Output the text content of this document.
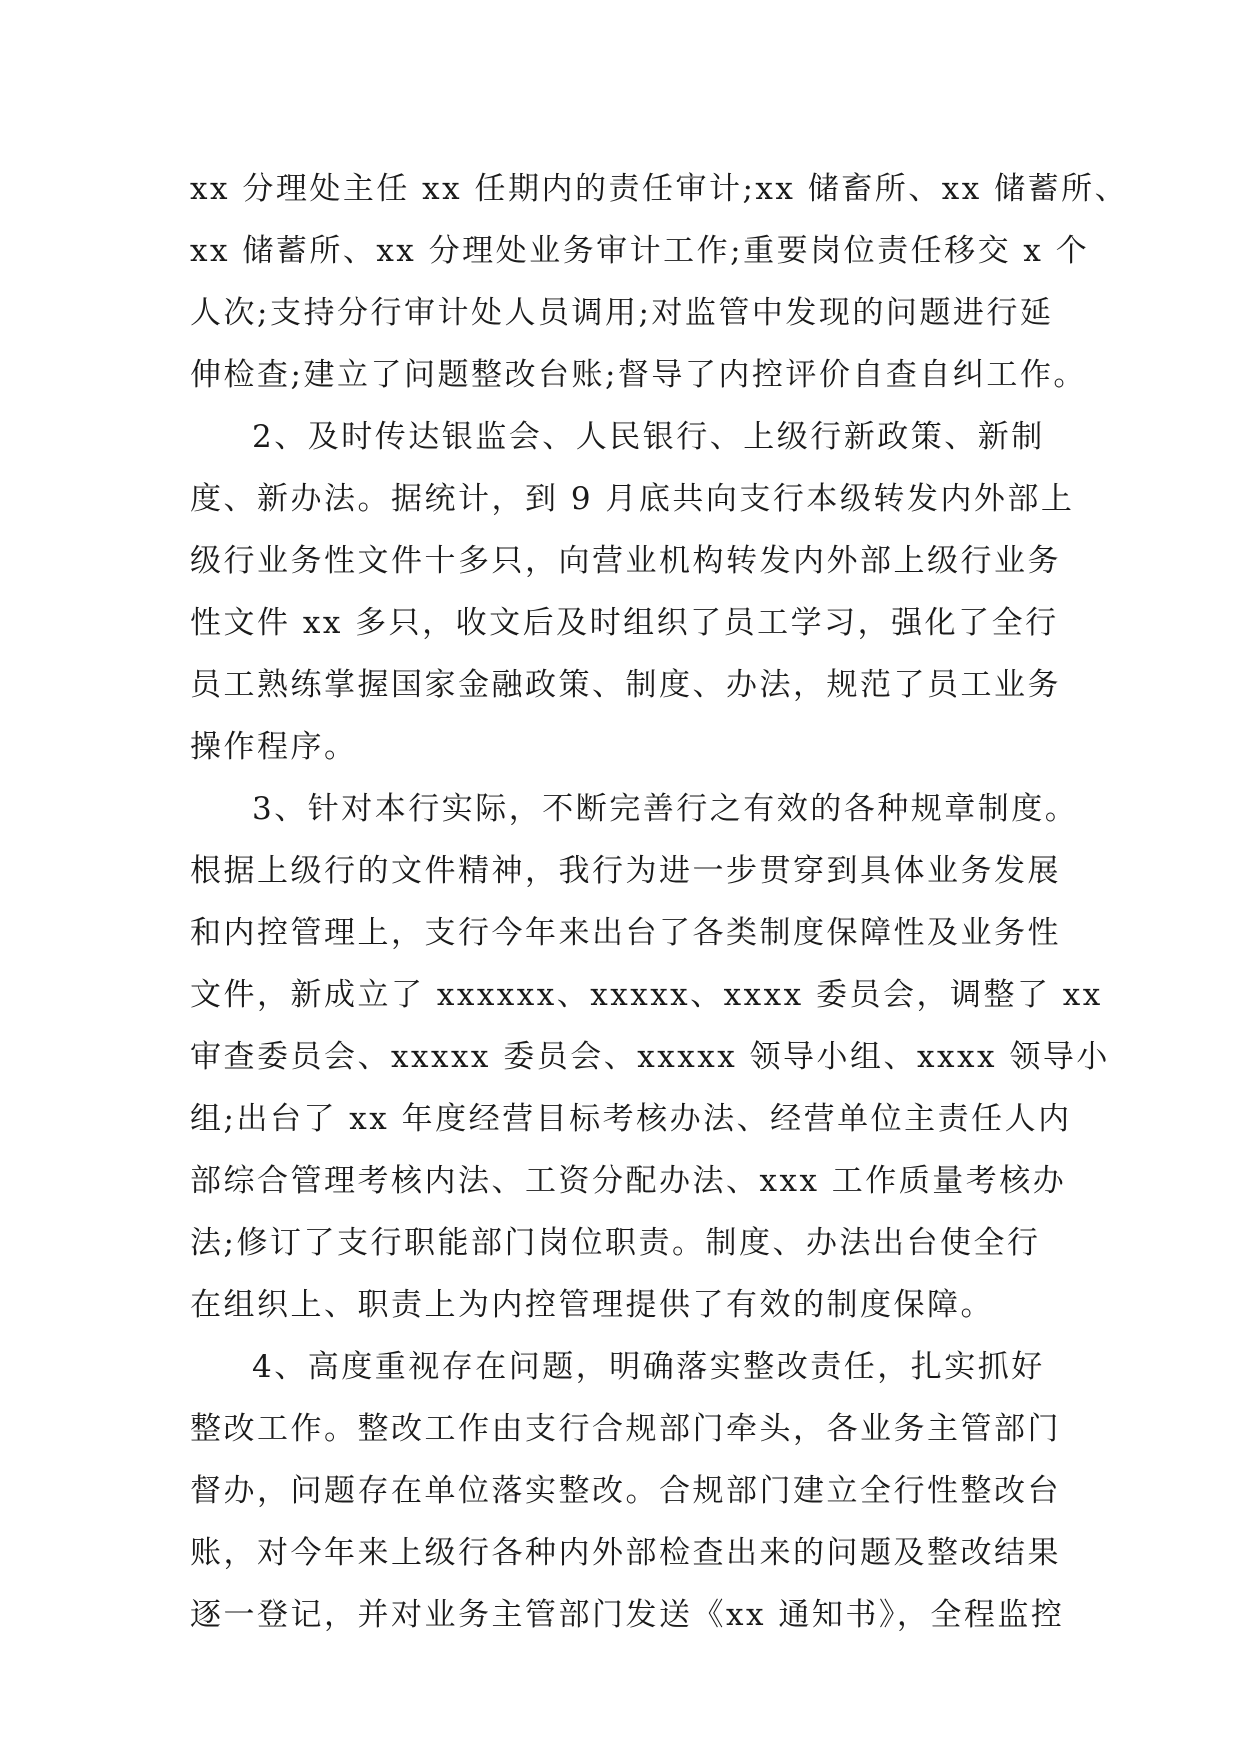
xx 分理处主任 xx 任期内的责任审计;xx 储畜所、xx 储蓄所、
xx 储蓄所、xx 分理处业务审计工作;重要岗位责任移交 x 个
人次;支持分行审计处人员调用;对监管中发现的问题进行延
伸检查;建立了问题整改台账;督导了内控评价自查自纠工作。
2、及时传达银监会、人民银行、上级行新政策、新制
度、新办法。据统计，到 9 月底共向支行本级转发内外部上
级行业务性文件十多只，向营业机构转发内外部上级行业务
性文件 xx 多只，收文后及时组织了员工学习，强化了全行
员工熟练掌握国家金融政策、制度、办法，规范了员工业务
操作程序。
3、针对本行实际，不断完善行之有效的各种规章制度。
根据上级行的文件精神，我行为进一步贯穿到具体业务发展
和内控管理上，支行今年来出台了各类制度保障性及业务性
文件，新成立了 xxxxxx、xxxxx、xxxx 委员会，调整了 xx
审查委员会、xxxxx 委员会、xxxxx 领导小组、xxxx 领导小
组;出台了 xx 年度经营目标考核办法、经营单位主责任人内
部综合管理考核内法、工资分配办法、xxx 工作质量考核办
法;修订了支行职能部门岗位职责。制度、办法出台使全行
在组织上、职责上为内控管理提供了有效的制度保障。
4、高度重视存在问题，明确落实整改责任，扎实抓好
整改工作。整改工作由支行合规部门牵头，各业务主管部门
督办，问题存在单位落实整改。合规部门建立全行性整改台
账，对今年来上级行各种内外部检查出来的问题及整改结果
逐一登记，并对业务主管部门发送《xx 通知书》，全程监控
